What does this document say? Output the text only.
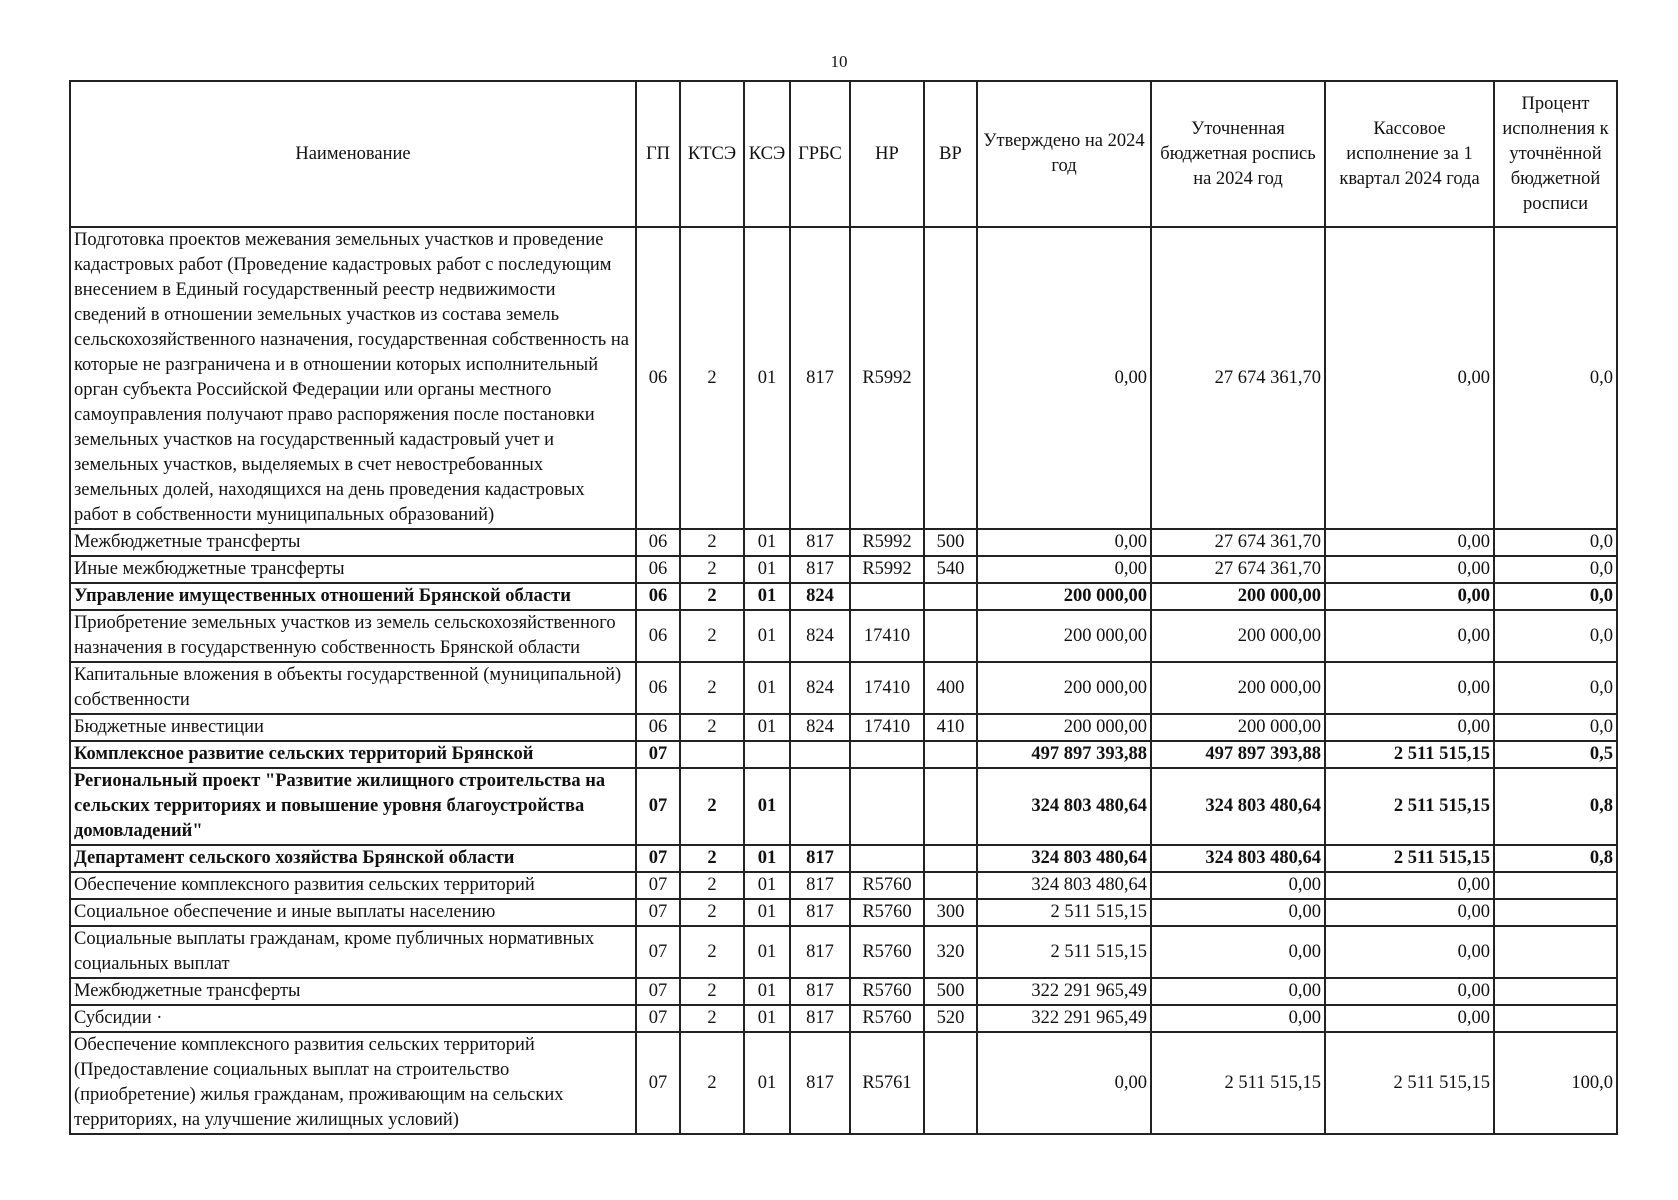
10
Наименование	ГП	КТСЭ	КСЭ	ГРБС	НР	ВР	Утверждено на 2024 год	Уточненная бюджетная роспись на 2024 год	Кассовое исполнение за 1 квартал 2024 года	Процент исполнения к уточнённой бюджетной росписи
Подготовка проектов межевания земельных участков и проведение кадастровых работ (Проведение кадастровых работ с последующим внесением в Единый государственный реестр недвижимости сведений в отношении земельных участков из состава земель сельскохозяйственного назначения, государственная собственность на которые не разграничена и в отношении которых исполнительный орган субъекта Российской Федерации или органы местного самоуправления получают право распоряжения после постановки земельных участков на государственный кадастровый учет и земельных участков, выделяемых в счет невостребованных земельных долей, находящихся на день проведения кадастровых работ в собственности муниципальных образований)	06	2	01	817	R5992		0,00	27 674 361,70	0,00	0,0
Межбюджетные трансферты	06	2	01	817	R5992	500	0,00	27 674 361,70	0,00	0,0
Иные межбюджетные трансферты	06	2	01	817	R5992	540	0,00	27 674 361,70	0,00	0,0
Управление имущественных отношений Брянской области	06	2	01	824			200 000,00	200 000,00	0,00	0,0
Приобретение земельных участков из земель сельскохозяйственного назначения в государственную собственность Брянской области	06	2	01	824	17410		200 000,00	200 000,00	0,00	0,0
Капитальные вложения в объекты государственной (муниципальной) собственности	06	2	01	824	17410	400	200 000,00	200 000,00	0,00	0,0
Бюджетные инвестиции	06	2	01	824	17410	410	200 000,00	200 000,00	0,00	0,0
Комплексное развитие сельских территорий Брянской	07						497 897 393,88	497 897 393,88	2 511 515,15	0,5
Региональный проект "Развитие жилищного строительства на сельских территориях и повышение уровня благоустройства домовладений"	07	2	01				324 803 480,64	324 803 480,64	2 511 515,15	0,8
Департамент сельского хозяйства Брянской области	07	2	01	817			324 803 480,64	324 803 480,64	2 511 515,15	0,8
Обеспечение комплексного развития сельских территорий	07	2	01	817	R5760		324 803 480,64	0,00	0,00	
Социальное обеспечение и иные выплаты населению	07	2	01	817	R5760	300	2 511 515,15	0,00	0,00	
Социальные выплаты гражданам, кроме публичных нормативных социальных выплат	07	2	01	817	R5760	320	2 511 515,15	0,00	0,00	
Межбюджетные трансферты	07	2	01	817	R5760	500	322 291 965,49	0,00	0,00	
Субсидии ·	07	2	01	817	R5760	520	322 291 965,49	0,00	0,00	
Обеспечение комплексного развития сельских территорий (Предоставление социальных выплат на строительство (приобретение) жилья гражданам, проживающим на сельских территориях, на улучшение жилищных условий)	07	2	01	817	R5761		0,00	2 511 515,15	2 511 515,15	100,0
